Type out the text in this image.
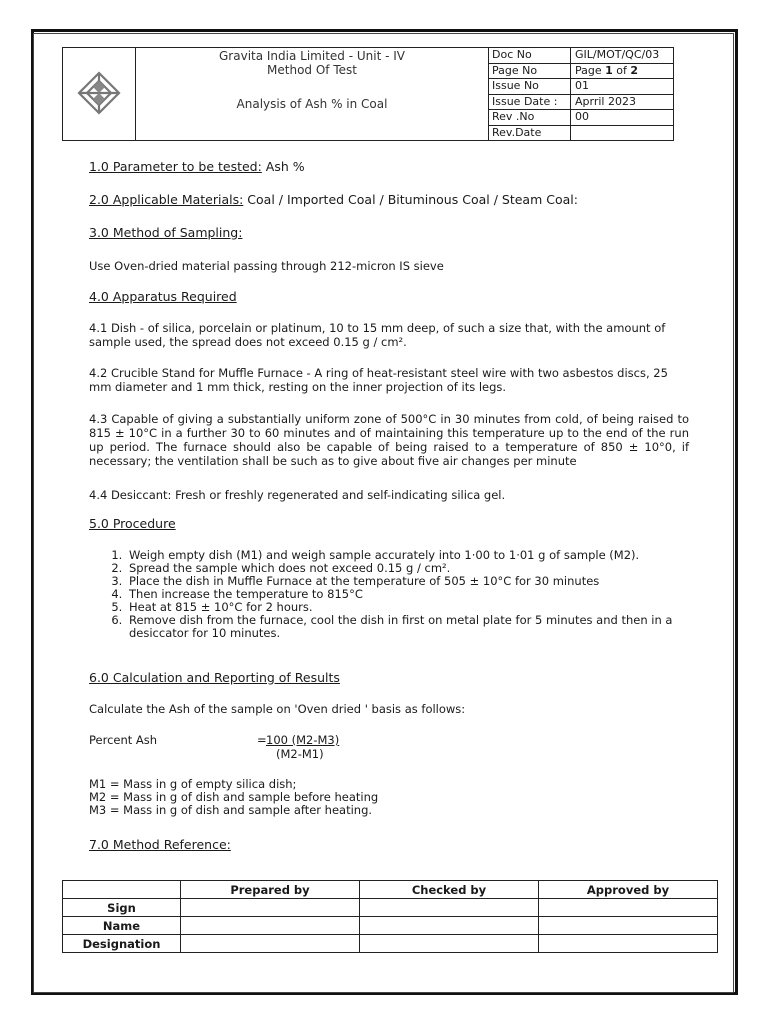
Gravita India Limited - Unit - IV
Method Of Test
Analysis of Ash % in Coal	Doc No	GIL/MOT/QC/03
		Page No	Page 1 of 2
		Issue No	01
		Issue Date :	Aprril 2023
		Rev .No	00
		Rev.Date	
1.0 Parameter to be tested: Ash %
2.0 Applicable Materials: Coal / Imported Coal / Bituminous Coal / Steam Coal:
3.0 Method of Sampling:
Use Oven-dried material passing through 212-micron IS sieve
4.0 Apparatus Required
4.1 Dish - of silica, porcelain or platinum, 10 to 15 mm deep, of such a size that, with the amount of sample used, the spread does not exceed 0.15 g / cm².
4.2 Crucible Stand for Muffle Furnace - A ring of heat-resistant steel wire with two asbestos discs, 25 mm diameter and 1 mm thick, resting on the inner projection of its legs.
4.3 Capable of giving a substantially uniform zone of 500°C in 30 minutes from cold, of being raised to 815 ± 10°C in a further 30 to 60 minutes and of maintaining this temperature up to the end of the run up period. The furnace should also be capable of being raised to a temperature of 850 ± 10°0, if necessary; the ventilation shall be such as to give about five air changes per minute
4.4 Desiccant: Fresh or freshly regenerated and self-indicating silica gel.
5.0 Procedure
1. Weigh empty dish (M1) and weigh sample accurately into 1·00 to 1·01 g of sample (M2).
2. Spread the sample which does not exceed 0.15 g / cm².
3. Place the dish in Muffle Furnace at the temperature of 505 ± 10°C for 30 minutes
4. Then increase the temperature to 815°C
5. Heat at 815 ± 10°C for 2 hours.
6. Remove dish from the furnace, cool the dish in first on metal plate for 5 minutes and then in a desiccator for 10 minutes.
6.0 Calculation and Reporting of Results
Calculate the Ash of the sample on 'Oven dried ' basis as follows:
Percent Ash	= 100 (M2-M3)
(M2-M1)
M1 = Mass in g of empty silica dish;
M2 = Mass in g of dish and sample before heating
M3 = Mass in g of dish and sample after heating.
7.0 Method Reference:
	Prepared by	Checked by	Approved by
Sign			
Name			
Designation			
